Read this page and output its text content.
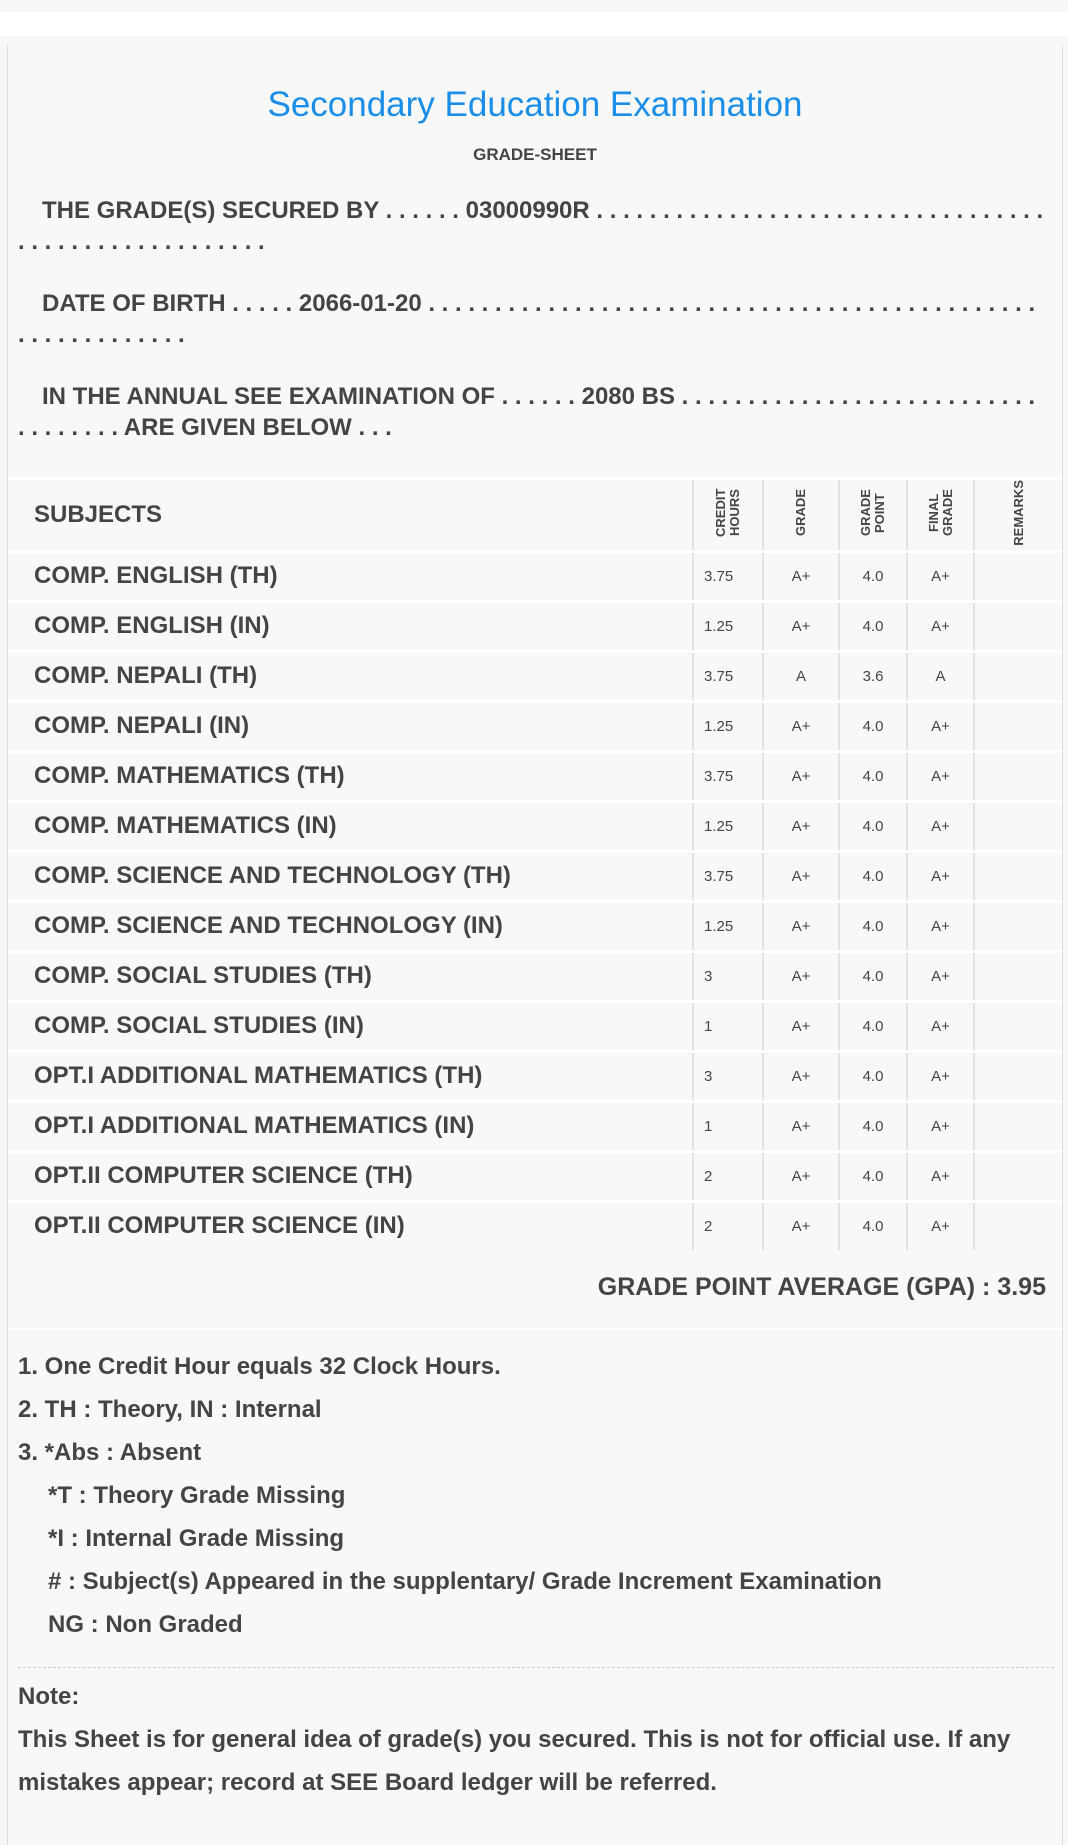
Secondary Education Examination
GRADE-SHEET
THE GRADE(S) SECURED BY . . . . . . 03000990R . . . . . . . . . . . . . . . . . . . . . . . . . . . . . . . . . . . . . . . . . . . . . . . . . . . . .
DATE OF BIRTH . . . . . 2066-01-20 . . . . . . . . . . . . . . . . . . . . . . . . . . . . . . . . . . . . . . . . . . . . . . . . . . . . . . . . . . .
IN THE ANNUAL SEE EXAMINATION OF . . . . . . 2080 BS . . . . . . . . . . . . . . . . . . . . . . . . . . . . . . . . . . . ARE GIVEN BELOW . . .
SUBJECTS	CREDIT HOURS	GRADE	GRADE POINT	FINAL GRADE	REMARKS
COMP. ENGLISH (TH)	3.75	A+	4.0	A+	
COMP. ENGLISH (IN)	1.25	A+	4.0	A+	
COMP. NEPALI (TH)	3.75	A	3.6	A	
COMP. NEPALI (IN)	1.25	A+	4.0	A+	
COMP. MATHEMATICS (TH)	3.75	A+	4.0	A+	
COMP. MATHEMATICS (IN)	1.25	A+	4.0	A+	
COMP. SCIENCE AND TECHNOLOGY (TH)	3.75	A+	4.0	A+	
COMP. SCIENCE AND TECHNOLOGY (IN)	1.25	A+	4.0	A+	
COMP. SOCIAL STUDIES (TH)	3	A+	4.0	A+	
COMP. SOCIAL STUDIES (IN)	1	A+	4.0	A+	
OPT.I ADDITIONAL MATHEMATICS (TH)	3	A+	4.0	A+	
OPT.I ADDITIONAL MATHEMATICS (IN)	1	A+	4.0	A+	
OPT.II COMPUTER SCIENCE (TH)	2	A+	4.0	A+	
OPT.II COMPUTER SCIENCE (IN)	2	A+	4.0	A+	
GRADE POINT AVERAGE (GPA) : 3.95
1. One Credit Hour equals 32 Clock Hours.
2. TH : Theory, IN : Internal
3. *Abs : Absent
*T : Theory Grade Missing
*I : Internal Grade Missing
# : Subject(s) Appeared in the supplentary/ Grade Increment Examination
NG : Non Graded
Note:
This Sheet is for general idea of grade(s) you secured. This is not for official use. If any mistakes appear; record at SEE Board ledger will be referred.
